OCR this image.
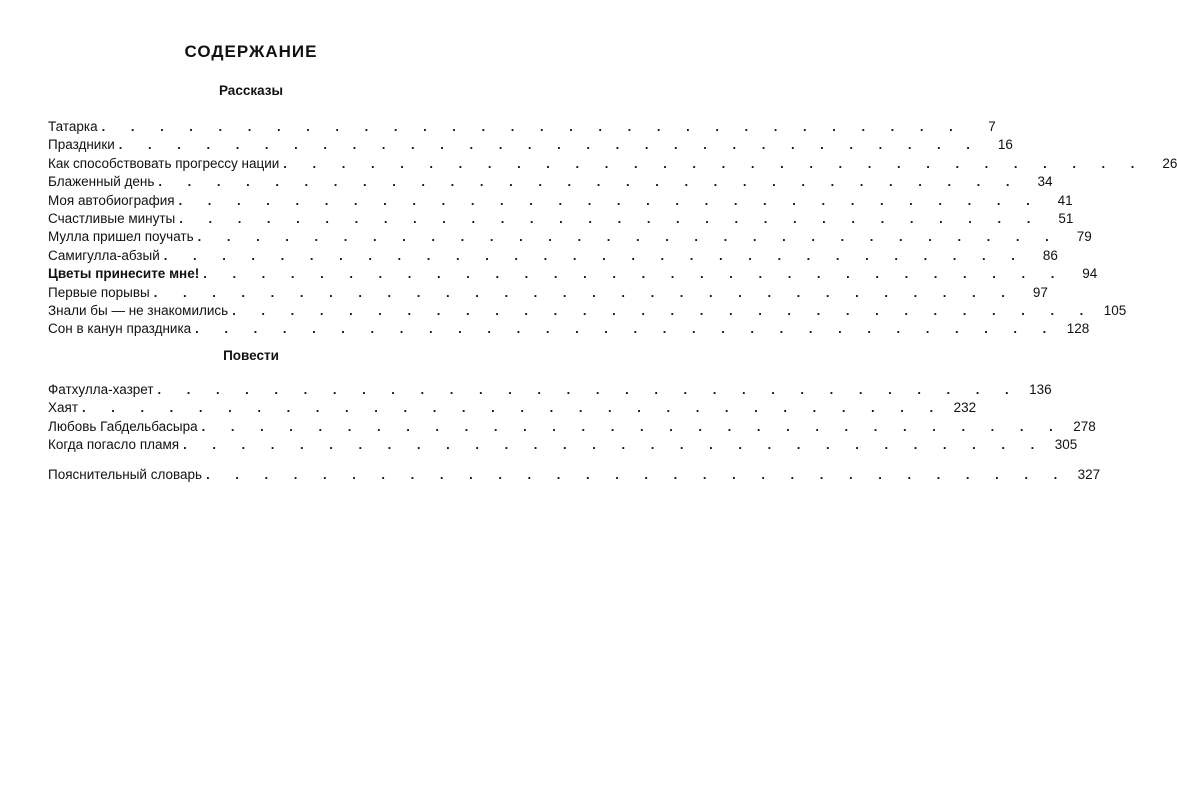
СОДЕРЖАНИЕ
Рассказы
Татарка . . . . . . . . . . . . . . . . . . . . . . . . . . . . . .	7
Праздники . . . . . . . . . . . . . . . . . . . . . . . . . . . . . .	16
Как способствовать прогрессу нации . . . . . . . . . . . . . . . . . . . . . . . . . . . . . .	26
Блаженный день . . . . . . . . . . . . . . . . . . . . . . . . . . . . . .	34
Моя автобиография . . . . . . . . . . . . . . . . . . . . . . . . . . . . . .	41
Счастливые минуты . . . . . . . . . . . . . . . . . . . . . . . . . . . . . .	51
Мулла пришел поучать . . . . . . . . . . . . . . . . . . . . . . . . . . . . . .	79
Самигулла-абзый . . . . . . . . . . . . . . . . . . . . . . . . . . . . . .	86
Цветы принесите мне! . . . . . . . . . . . . . . . . . . . . . . . . . . . . . .	94
Первые порывы . . . . . . . . . . . . . . . . . . . . . . . . . . . . . .	97
Знали бы — не знакомились . . . . . . . . . . . . . . . . . . . . . . . . . . . . . . 105
Сон в канун праздника . . . . . . . . . . . . . . . . . . . . . . . . . . . . . . 128
Повести
Фатхулла-хазрет . . . . . . . . . . . . . . . . . . . . . . . . . . . . . . 136
Хаят . . . . . . . . . . . . . . . . . . . . . . . . . . . . . . 232
Любовь Габдельбасыра . . . . . . . . . . . . . . . . . . . . . . . . . . . . . . 278
Когда погасло пламя . . . . . . . . . . . . . . . . . . . . . . . . . . . . . . 305
Пояснительный словарь . . . . . . . . . . . . . . . . . . . . . . . . . . . . . . 327
